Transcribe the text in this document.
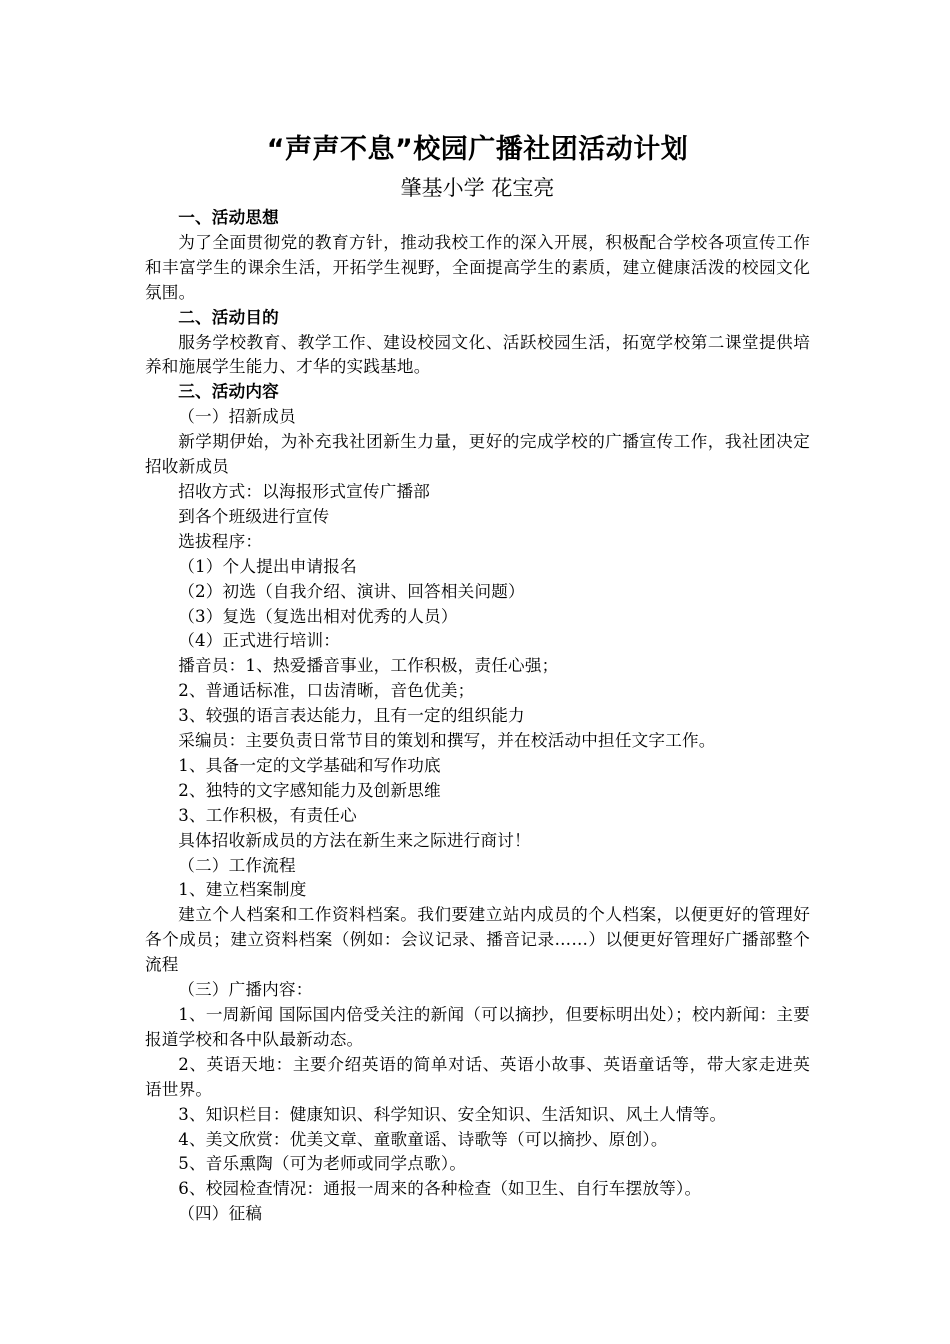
“声声不息”校园广播社团活动计划

肇基小学 花宝亮

一、活动思想

为了全面贯彻党的教育方针，推动我校工作的深入开展，积极配合学校各项宣传工作和丰富学生的课余生活，开拓学生视野，全面提高学生的素质，建立健康活泼的校园文化氛围。

二、活动目的

服务学校教育、教学工作、建设校园文化、活跃校园生活，拓宽学校第二课堂提供培养和施展学生能力、才华的实践基地。

三、活动内容

（一）招新成员

新学期伊始，为补充我社团新生力量，更好的完成学校的广播宣传工作，我社团决定招收新成员

招收方式：以海报形式宣传广播部

到各个班级进行宣传

选拔程序：

（1）个人提出申请报名

（2）初选（自我介绍、演讲、回答相关问题）

（3）复选（复选出相对优秀的人员）

（4）正式进行培训：

播音员：1、热爱播音事业，工作积极，责任心强；

2、普通话标准，口齿清晰，音色优美；

3、较强的语言表达能力，且有一定的组织能力

采编员：主要负责日常节目的策划和撰写，并在校活动中担任文字工作。

1、具备一定的文学基础和写作功底

2、独特的文字感知能力及创新思维

3、工作积极，有责任心

具体招收新成员的方法在新生来之际进行商讨！

（二）工作流程

1、建立档案制度

建立个人档案和工作资料档案。我们要建立站内成员的个人档案，以便更好的管理好各个成员；建立资料档案（例如：会议记录、播音记录……）以便更好管理好广播部整个流程

（三）广播内容：

1、一周新闻 国际国内倍受关注的新闻（可以摘抄，但要标明出处）；校内新闻：主要报道学校和各中队最新动态。

2、英语天地：主要介绍英语的简单对话、英语小故事、英语童话等，带大家走进英语世界。

3、知识栏目：健康知识、科学知识、安全知识、生活知识、风土人情等。

4、美文欣赏：优美文章、童歌童谣、诗歌等（可以摘抄、原创）。

5、音乐熏陶（可为老师或同学点歌）。

6、校园检查情况：通报一周来的各种检查（如卫生、自行车摆放等）。

（四）征稿
